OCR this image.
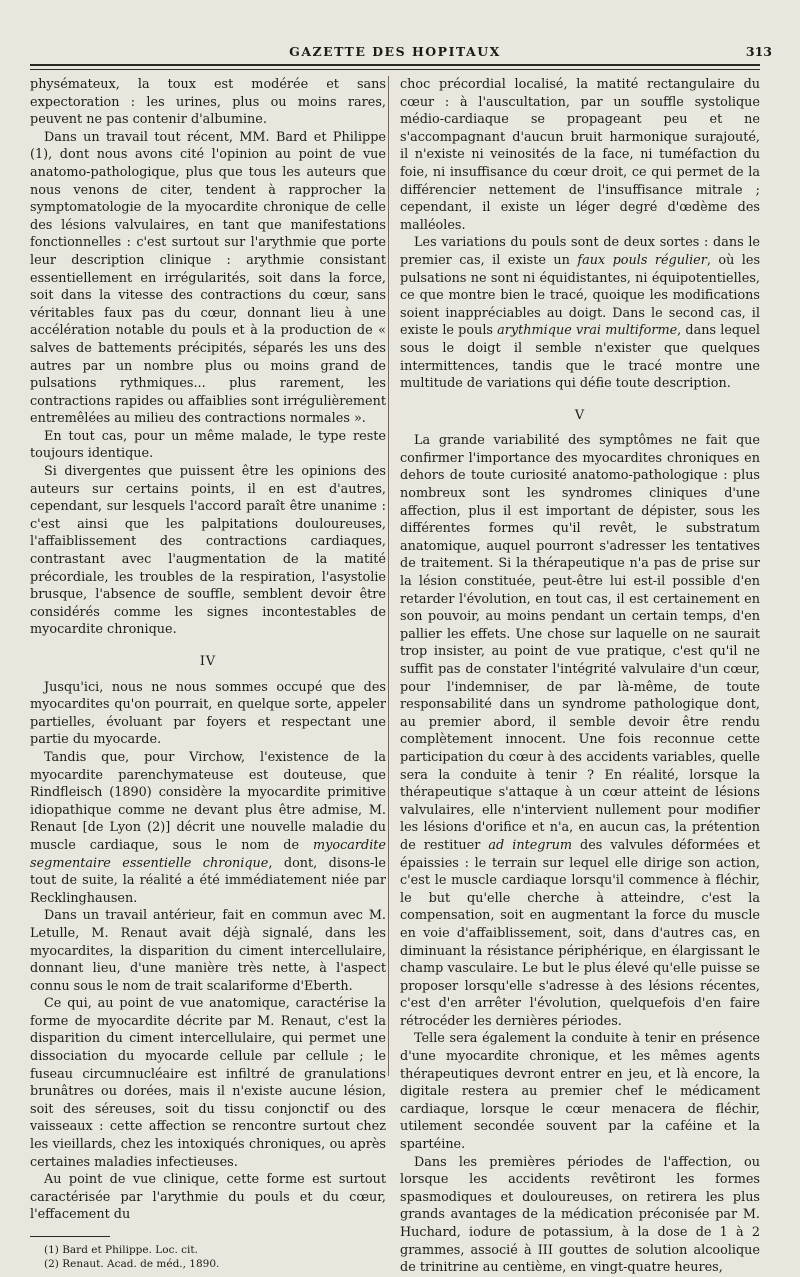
GAZETTE DES HOPITAUX	313

physémateux, la toux est modérée et sans expectoration : les urines, plus ou moins rares, peuvent ne pas contenir d'albumine.

Dans un travail tout récent, MM. Bard et Philippe (1), dont nous avons cité l'opinion au point de vue anatomo-pathologique, plus que tous les auteurs que nous venons de citer, tendent à rapprocher la symptomatologie de la myocardite chronique de celle des lésions valvulaires, en tant que manifestations fonctionnelles : c'est surtout sur l'arythmie que porte leur description clinique : arythmie consistant essentiellement en irrégularités, soit dans la force, soit dans la vitesse des contractions du cœur, sans véritables faux pas du cœur, donnant lieu à une accélération notable du pouls et à la production de « salves de battements précipités, séparés les uns des autres par un nombre plus ou moins grand de pulsations rythmiques... plus rarement, les contractions rapides ou affaiblies sont irrégulièrement entremêlées au milieu des contractions normales ».

En tout cas, pour un même malade, le type reste toujours identique.

Si divergentes que puissent être les opinions des auteurs sur certains points, il en est d'autres, cependant, sur lesquels l'accord paraît être unanime : c'est ainsi que les palpitations douloureuses, l'affaiblissement des contractions cardiaques, contrastant avec l'augmentation de la matité précordiale, les troubles de la respiration, l'asystolie brusque, l'absence de souffle, semblent devoir être considérés comme les signes incontestables de myocardite chronique.

IV

Jusqu'ici, nous ne nous sommes occupé que des myocardites qu'on pourrait, en quelque sorte, appeler partielles, évoluant par foyers et respectant une partie du myocarde.

Tandis que, pour Virchow, l'existence de la myocardite parenchymateuse est douteuse, que Rindfleisch (1890) considère la myocardite primitive idiopathique comme ne devant plus être admise, M. Renaut [de Lyon (2)] décrit une nouvelle maladie du muscle cardiaque, sous le nom de myocardite segmentaire essentielle chronique, dont, disons-le tout de suite, la réalité a été immédiatement niée par Recklinghausen.

Dans un travail antérieur, fait en commun avec M. Letulle, M. Renaut avait déjà signalé, dans les myocardites, la disparition du ciment intercellulaire, donnant lieu, d'une manière très nette, à l'aspect connu sous le nom de trait scalariforme d'Eberth.

Ce qui, au point de vue anatomique, caractérise la forme de myocardite décrite par M. Renaut, c'est la disparition du ciment intercellulaire, qui permet une dissociation du myocarde cellule par cellule ; le fuseau circumnucléaire est infiltré de granulations brunâtres ou dorées, mais il n'existe aucune lésion, soit des séreuses, soit du tissu conjonctif ou des vaisseaux : cette affection se rencontre surtout chez les vieillards, chez les intoxiqués chroniques, ou après certaines maladies infectieuses.

Au point de vue clinique, cette forme est surtout caractérisée par l'arythmie du pouls et du cœur, l'effacement du

(1) Bard et Philippe. Loc. cit.

(2) Renaut. Acad. de méd., 1890.

choc précordial localisé, la matité rectangulaire du cœur : à l'auscultation, par un souffle systolique médio-cardiaque se propageant peu et ne s'accompagnant d'aucun bruit harmonique surajouté, il n'existe ni veinosités de la face, ni tuméfaction du foie, ni insuffisance du cœur droit, ce qui permet de la différencier nettement de l'insuffisance mitrale ; cependant, il existe un léger degré d'œdème des malléoles.

Les variations du pouls sont de deux sortes : dans le premier cas, il existe un faux pouls régulier, où les pulsations ne sont ni équidistantes, ni équipotentielles, ce que montre bien le tracé, quoique les modifications soient inappréciables au doigt. Dans le second cas, il existe le pouls arythmique vrai multiforme, dans lequel sous le doigt il semble n'exister que quelques intermittences, tandis que le tracé montre une multitude de variations qui défie toute description.

V

La grande variabilité des symptômes ne fait que confirmer l'importance des myocardites chroniques en dehors de toute curiosité anatomo-pathologique : plus nombreux sont les syndromes cliniques d'une affection, plus il est important de dépister, sous les différentes formes qu'il revêt, le substratum anatomique, auquel pourront s'adresser les tentatives de traitement. Si la thérapeutique n'a pas de prise sur la lésion constituée, peut-être lui est-il possible d'en retarder l'évolution, en tout cas, il est certainement en son pouvoir, au moins pendant un certain temps, d'en pallier les effets. Une chose sur laquelle on ne saurait trop insister, au point de vue pratique, c'est qu'il ne suffit pas de constater l'intégrité valvulaire d'un cœur, pour l'indemniser, de par là-même, de toute responsabilité dans un syndrome pathologique dont, au premier abord, il semble devoir être rendu complètement innocent. Une fois reconnue cette participation du cœur à des accidents variables, quelle sera la conduite à tenir ? En réalité, lorsque la thérapeutique s'attaque à un cœur atteint de lésions valvulaires, elle n'intervient nullement pour modifier les lésions d'orifice et n'a, en aucun cas, la prétention de restituer ad integrum des valvules déformées et épaissies : le terrain sur lequel elle dirige son action, c'est le muscle cardiaque lorsqu'il commence à fléchir, le but qu'elle cherche à atteindre, c'est la compensation, soit en augmentant la force du muscle en voie d'affaiblissement, soit, dans d'autres cas, en diminuant la résistance périphérique, en élargissant le champ vasculaire. Le but le plus élevé qu'elle puisse se proposer lorsqu'elle s'adresse à des lésions récentes, c'est d'en arrêter l'évolution, quelquefois d'en faire rétrocéder les dernières périodes.

Telle sera également la conduite à tenir en présence d'une myocardite chronique, et les mêmes agents thérapeutiques devront entrer en jeu, et là encore, la digitale restera au premier chef le médicament cardiaque, lorsque le cœur menacera de fléchir, utilement secondée souvent par la caféine et la spartéine.

Dans les premières périodes de l'affection, ou lorsque les accidents revêtiront les formes spasmodiques et douloureuses, on retirera les plus grands avantages de la médication préconisée par M. Huchard, iodure de potassium, à la dose de 1 à 2 grammes, associé à III gouttes de solution alcoolique de trinitrine au centième, en vingt-quatre heures,
